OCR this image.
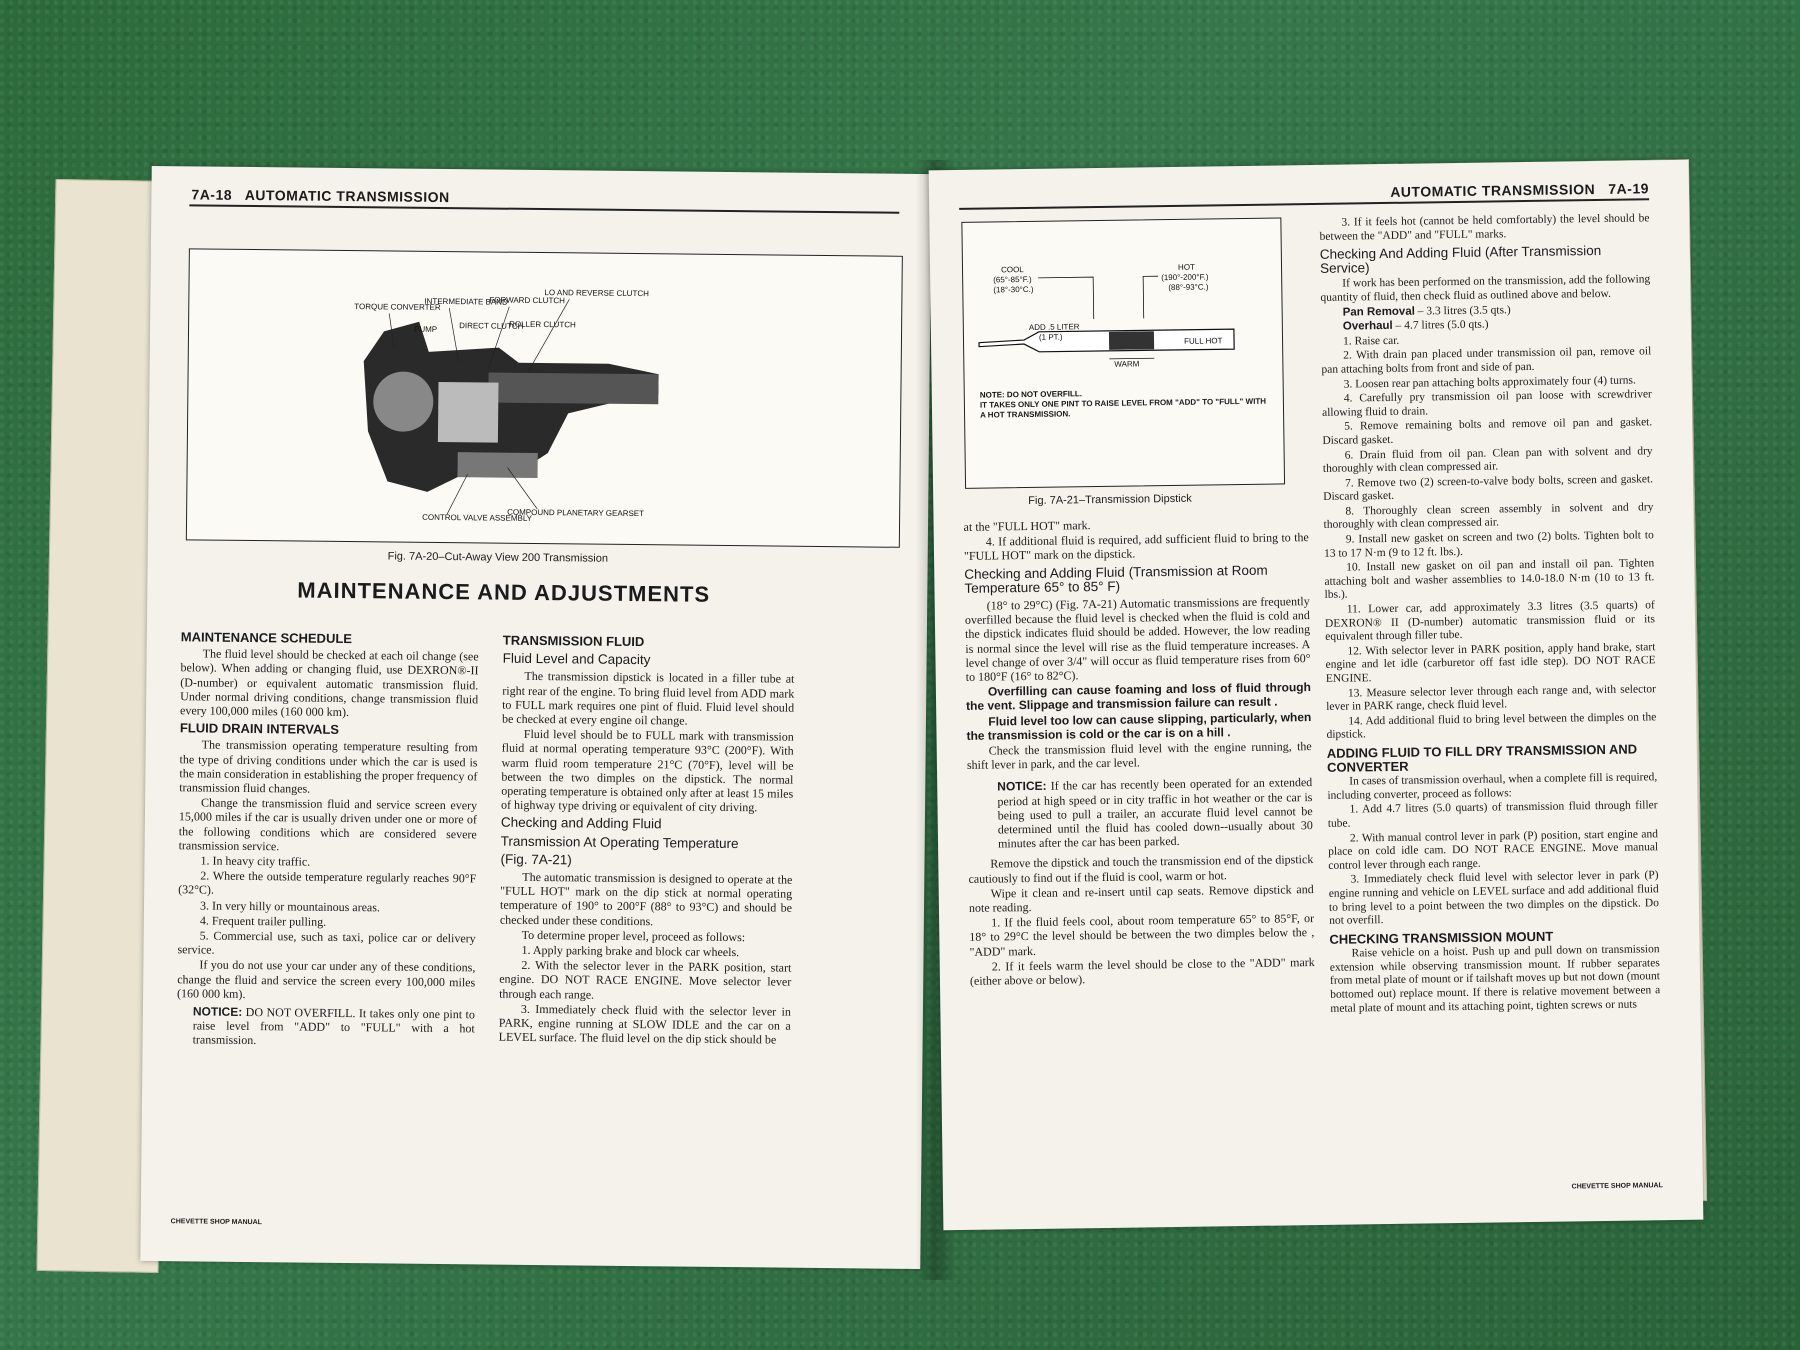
7A-18 AUTOMATIC TRANSMISSION
TORQUE CONVERTER
INTERMEDIATE BAND
FORWARD CLUTCH
LO AND REVERSE CLUTCH
PUMP	DIRECT CLUTCH
ROLLER CLUTCH
CONTROL VALVE ASSEMBLY
COMPOUND PLANETARY GEARSET
Fig. 7A-20–Cut-Away View 200 Transmission
MAINTENANCE AND ADJUSTMENTS
MAINTENANCE SCHEDULE

The fluid level should be checked at each oil change (see below). When adding or changing fluid, use DEXRON®-II (D-number) or equivalent automatic transmission fluid. Under normal driving conditions, change transmission fluid every 100,000 miles (160 000 km).

FLUID DRAIN INTERVALS

The transmission operating temperature resulting from the type of driving conditions under which the car is used is the main consideration in establishing the proper frequency of transmission fluid changes.

Change the transmission fluid and service screen every 15,000 miles if the car is usually driven under one or more of the following conditions which are considered severe transmission service.

1. In heavy city traffic.

2. Where the outside temperature regularly reaches 90°F (32°C).

3. In very hilly or mountainous areas.

4. Frequent trailer pulling.

5. Commercial use, such as taxi, police car or delivery service.

If you do not use your car under any of these conditions, change the fluid and service the screen every 100,000 miles (160 000 km).

NOTICE: DO NOT OVERFILL. It takes only one pint to raise level from "ADD" to "FULL" with a hot transmission.

TRANSMISSION FLUID
Fluid Level and Capacity

The transmission dipstick is located in a filler tube at right rear of the engine. To bring fluid level from ADD mark to FULL mark requires one pint of fluid. Fluid level should be checked at every engine oil change.

Fluid level should be to FULL mark with transmission fluid at normal operating temperature 93°C (200°F). With warm fluid room temperature 21°C (70°F), level will be between the two dimples on the dipstick. The normal operating temperature is obtained only after at least 15 miles of highway type driving or equivalent of city driving.

Checking and Adding Fluid
Transmission At Operating Temperature
(Fig. 7A-21)

The automatic transmission is designed to operate at the "FULL HOT" mark on the dip stick at normal operating temperature of 190° to 200°F (88° to 93°C) and should be checked under these conditions.

To determine proper level, proceed as follows:

1. Apply parking brake and block car wheels.

2. With the selector lever in the PARK position, start engine. DO NOT RACE ENGINE. Move selector lever through each range.

3. Immediately check fluid with the selector lever in PARK, engine running at SLOW IDLE and the car on a LEVEL surface. The fluid level on the dip stick should be

CHEVETTE SHOP MANUAL
AUTOMATIC TRANSMISSION 7A-19
COOL
(65°-85°F.)
(18°-30°C.)
HOT
(190°-200°F.)
(88°-93°C.)
ADD .5 LITER
(1 PT.)	FULL HOT
WARM
NOTE: DO NOT OVERFILL.
IT TAKES ONLY ONE PINT TO RAISE LEVEL FROM "ADD" TO "FULL" WITH A HOT TRANSMISSION.
Fig. 7A-21–Transmission Dipstick

at the "FULL HOT" mark.

4. If additional fluid is required, add sufficient fluid to bring to the "FULL HOT" mark on the dipstick.

Checking and Adding Fluid (Transmission at Room Temperature 65° to 85° F)

(18° to 29°C) (Fig. 7A-21) Automatic transmissions are frequently overfilled because the fluid level is checked when the fluid is cold and the dipstick indicates fluid should be added. However, the low reading is normal since the level will rise as the fluid temperature increases. A level change of over 3/4" will occur as fluid temperature rises from 60° to 180°F (16° to 82°C).

Overfilling can cause foaming and loss of fluid through the vent. Slippage and transmission failure can result .

Fluid level too low can cause slipping, particularly, when the transmission is cold or the car is on a hill .

Check the transmission fluid level with the engine running, the shift lever in park, and the car level.

NOTICE: If the car has recently been operated for an extended period at high speed or in city traffic in hot weather or the car is being used to pull a trailer, an accurate fluid level cannot be determined until the fluid has cooled down--usually about 30 minutes after the car has been parked.

Remove the dipstick and touch the transmission end of the dipstick cautiously to find out if the fluid is cool, warm or hot.

Wipe it clean and re-insert until cap seats. Remove dipstick and note reading.

1. If the fluid feels cool, about room temperature 65° to 85°F, or 18° to 29°C the level should be between the two dimples below the , "ADD" mark.

2. If it feels warm the level should be close to the "ADD" mark (either above or below).

3. If it feels hot (cannot be held comfortably) the level should be between the "ADD" and "FULL" marks.

Checking And Adding Fluid (After Transmission Service)

If work has been performed on the transmission, add the following quantity of fluid, then check fluid as outlined above and below.

Pan Removal – 3.3 litres (3.5 qts.)

Overhaul – 4.7 litres (5.0 qts.)

1. Raise car.

2. With drain pan placed under transmission oil pan, remove oil pan attaching bolts from front and side of pan.

3. Loosen rear pan attaching bolts approximately four (4) turns.

4. Carefully pry transmission oil pan loose with screwdriver allowing fluid to drain.

5. Remove remaining bolts and remove oil pan and gasket. Discard gasket.

6. Drain fluid from oil pan. Clean pan with solvent and dry thoroughly with clean compressed air.

7. Remove two (2) screen-to-valve body bolts, screen and gasket. Discard gasket.

8. Thoroughly clean screen assembly in solvent and dry thoroughly with clean compressed air.

9. Install new gasket on screen and two (2) bolts. Tighten bolt to 13 to 17 N·m (9 to 12 ft. lbs.).

10. Install new gasket on oil pan and install oil pan. Tighten attaching bolt and washer assemblies to 14.0-18.0 N·m (10 to 13 ft. lbs.).

11. Lower car, add approximately 3.3 litres (3.5 quarts) of DEXRON® II (D-number) automatic transmission fluid or its equivalent through filler tube.

12. With selector lever in PARK position, apply hand brake, start engine and let idle (carburetor off fast idle step). DO NOT RACE ENGINE.

13. Measure selector lever through each range and, with selector lever in PARK range, check fluid level.

14. Add additional fluid to bring level between the dimples on the dipstick.

ADDING FLUID TO FILL DRY TRANSMISSION AND CONVERTER

In cases of transmission overhaul, when a complete fill is required, including converter, proceed as follows:

1. Add 4.7 litres (5.0 quarts) of transmission fluid through filler tube.

2. With manual control lever in park (P) position, start engine and place on cold idle cam. DO NOT RACE ENGINE. Move manual control lever through each range.

3. Immediately check fluid level with selector lever in park (P) engine running and vehicle on LEVEL surface and add additional fluid to bring level to a point between the two dimples on the dipstick. Do not overfill.

CHECKING TRANSMISSION MOUNT

Raise vehicle on a hoist. Push up and pull down on transmission extension while observing transmission mount. If rubber separates from metal plate of mount or if tailshaft moves up but not down (mount bottomed out) replace mount. If there is relative movement between a metal plate of mount and its attaching point, tighten screws or nuts

CHEVETTE SHOP MANUAL
